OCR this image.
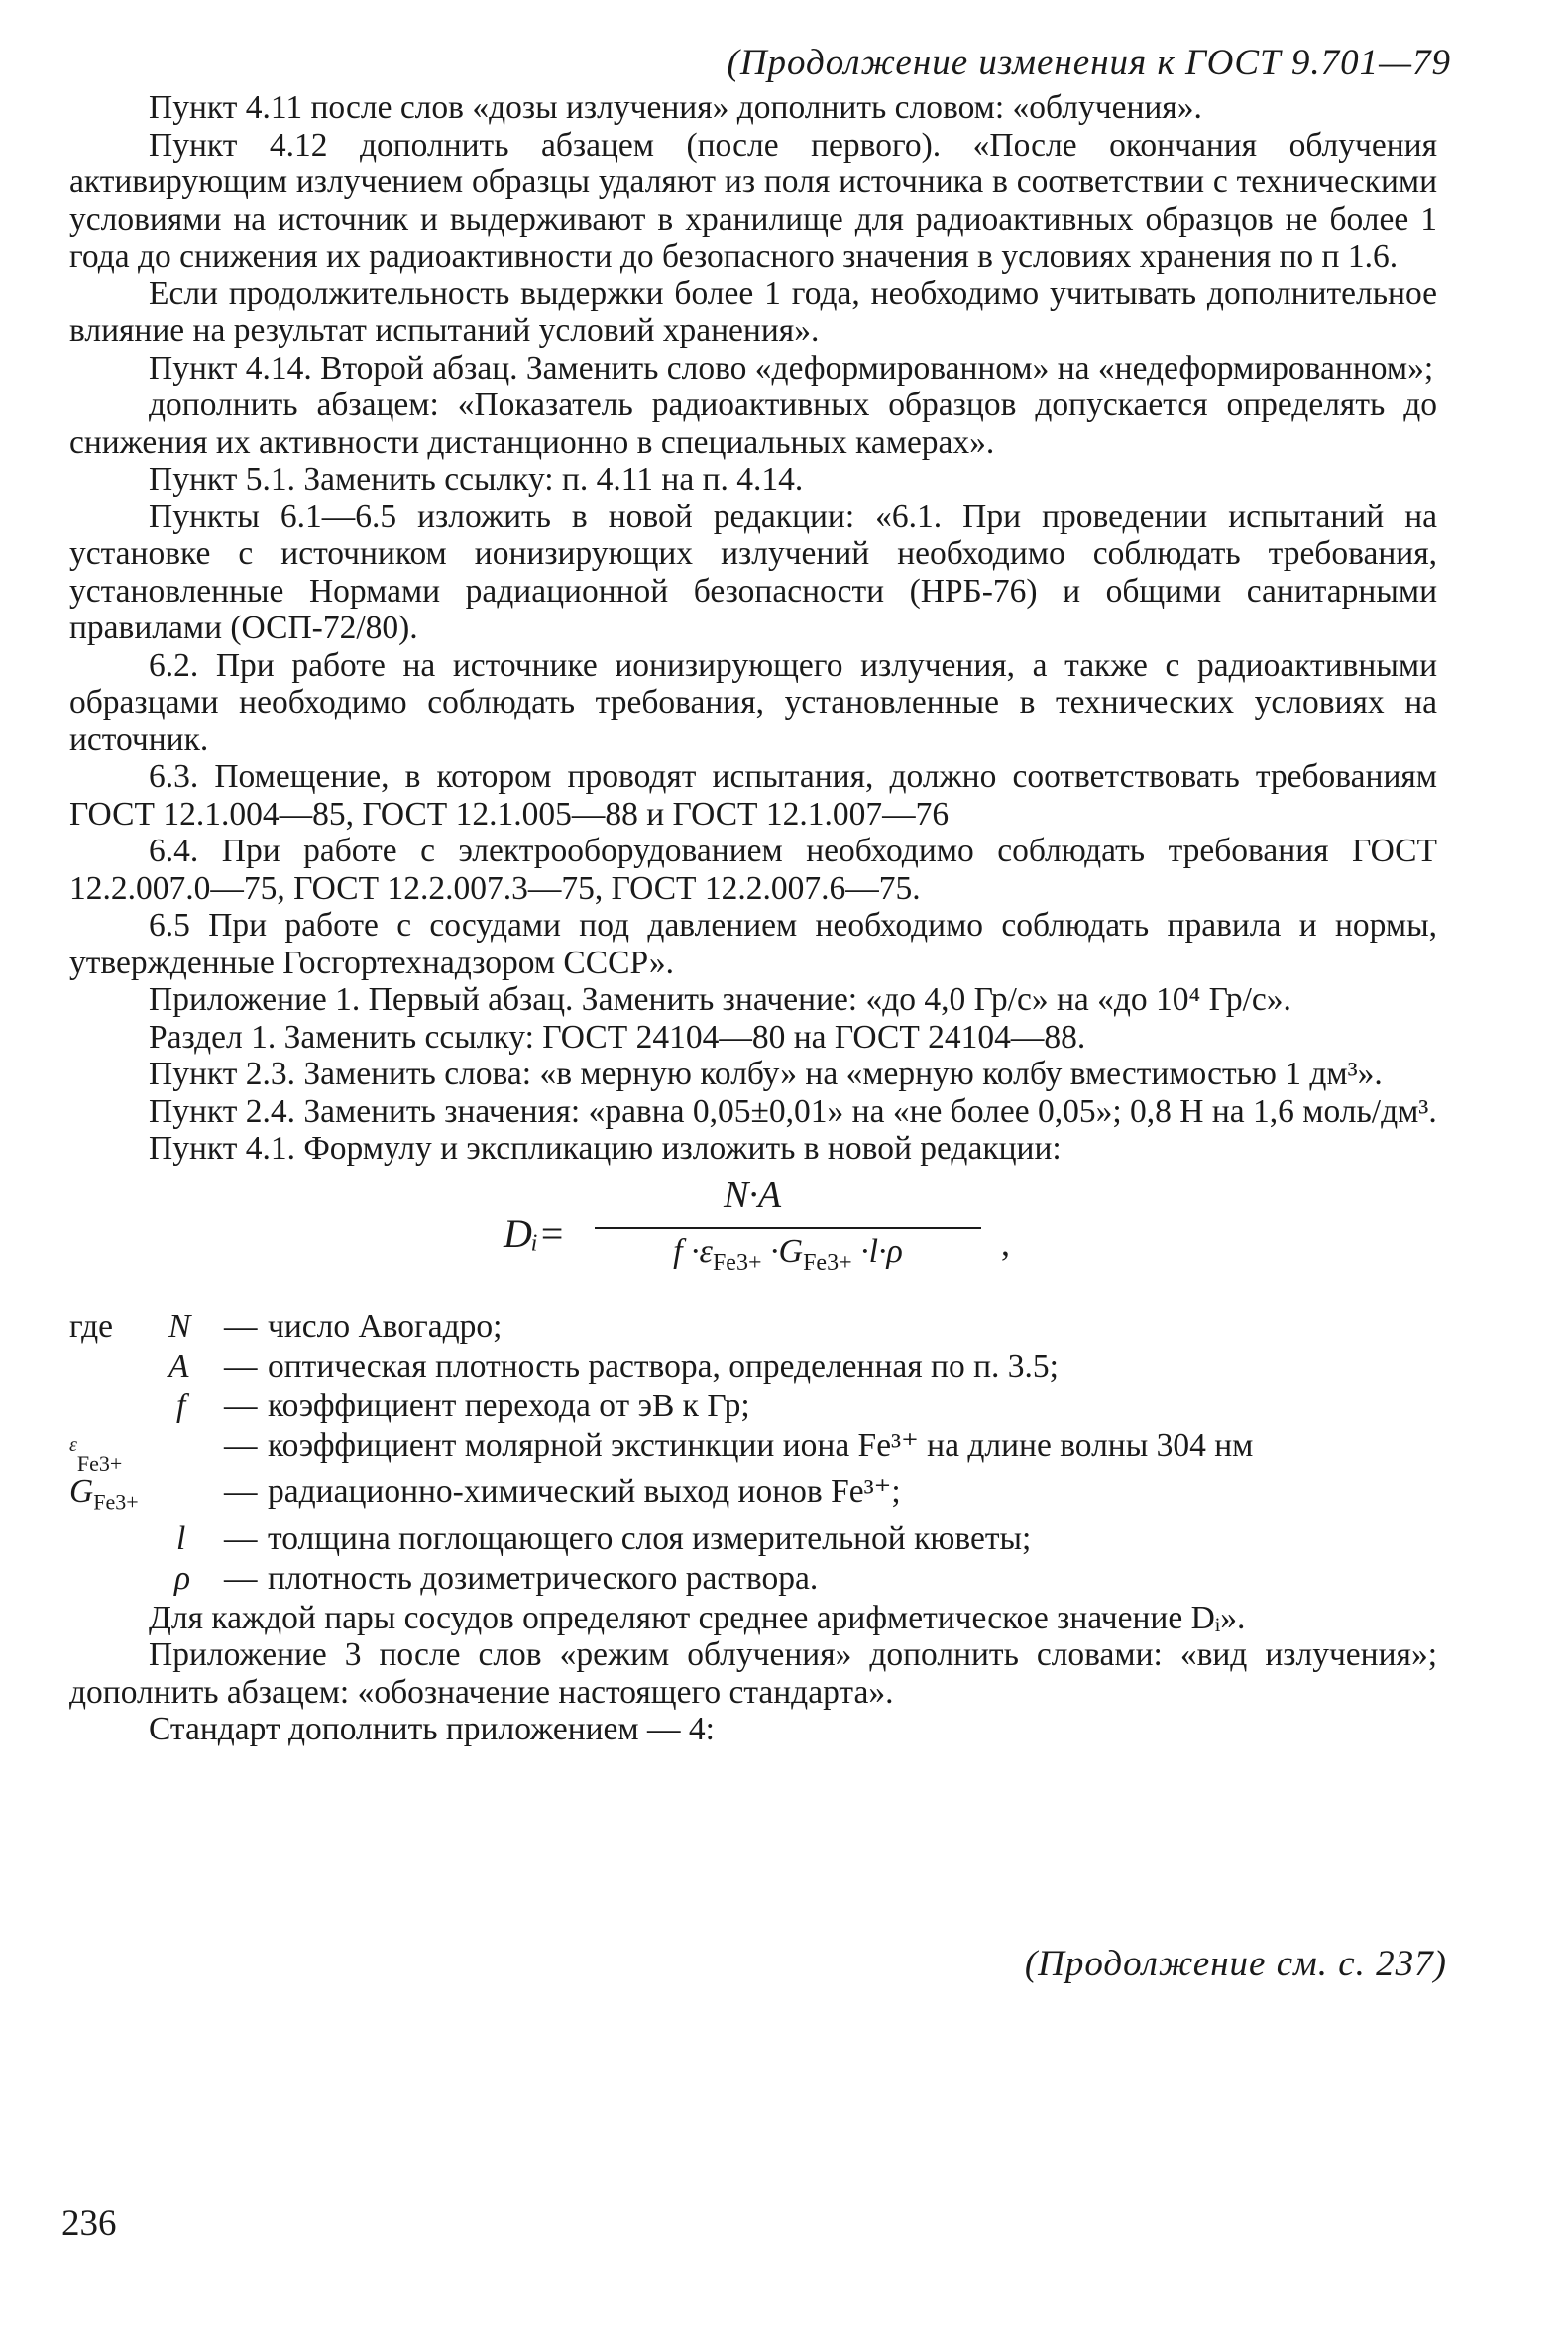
(Продолжение изменения к ГОСТ 9.701—79

Пункт 4.11 после слов «дозы излучения» дополнить словом: «облучения».

Пункт 4.12 дополнить абзацем (после первого). «После окончания облучения активирующим излучением образцы удаляют из поля источника в соответствии с техническими условиями на источник и выдерживают в хранилище для радиоактивных образцов не более 1 года до снижения их радиоактивности до безопасного значения в условиях хранения по п 1.6.

Если продолжительность выдержки более 1 года, необходимо учитывать дополнительное влияние на результат испытаний условий хранения».

Пункт 4.14. Второй абзац. Заменить слово «деформированном» на «недеформированном»;

дополнить абзацем: «Показатель радиоактивных образцов допускается определять до снижения их активности дистанционно в специальных камерах».

Пункт 5.1. Заменить ссылку: п. 4.11 на п. 4.14.

Пункты 6.1—6.5 изложить в новой редакции: «6.1. При проведении испытаний на установке с источником ионизирующих излучений необходимо соблюдать требования, установленные Нормами радиационной безопасности (НРБ-76) и общими санитарными правилами (ОСП-72/80).

6.2. При работе на источнике ионизирующего излучения, а также с радиоактивными образцами необходимо соблюдать требования, установленные в технических условиях на источник.

6.3. Помещение, в котором проводят испытания, должно соответствовать требованиям ГОСТ 12.1.004—85, ГОСТ 12.1.005—88 и ГОСТ 12.1.007—76

6.4. При работе с электрооборудованием необходимо соблюдать требования ГОСТ 12.2.007.0—75, ГОСТ 12.2.007.3—75, ГОСТ 12.2.007.6—75.

6.5 При работе с сосудами под давлением необходимо соблюдать правила и нормы, утвержденные Госгортехнадзором СССР».

Приложение 1. Первый абзац. Заменить значение: «до 4,0 Гр/с» на «до 10⁴ Гр/с».

Раздел 1. Заменить ссылку: ГОСТ 24104—80 на ГОСТ 24104—88.

Пункт 2.3. Заменить слова: «в мерную колбу» на «мерную колбу вместимостью 1 дм³».

Пункт 2.4. Заменить значения: «равна 0,05±0,01» на «не более 0,05»; 0,8 Н на 1,6 моль/дм³.

Пункт 4.1. Формулу и экспликацию изложить в новой редакции:

Dᵢ=
N·A
$f \cdot\varepsilon_{Fe3+} \cdot G_{Fe3+} \cdot l\cdot\rho$	,
где N — число Авогадро;
A — оптическая плотность раствора, определенная по п. 3.5;
f — коэффициент перехода от эВ к Гр;
$^\varepsilon_{Fe3+}$	— коэффициент молярной экстинкции иона Fe³⁺ на длине волны 304 нм
$G_{Fe3+}$	— радиационно-химический выход ионов Fe³⁺;
l — толщина поглощающего слоя измерительной кюветы;
ρ — плотность дозиметрического раствора.

Для каждой пары сосудов определяют среднее арифметическое значение Dᵢ».

Приложение 3 после слов «режим облучения» дополнить словами: «вид излучения»; дополнить абзацем: «обозначение настоящего стандарта».

Стандарт дополнить приложением — 4:

(Продолжение см. с. 237)
236
